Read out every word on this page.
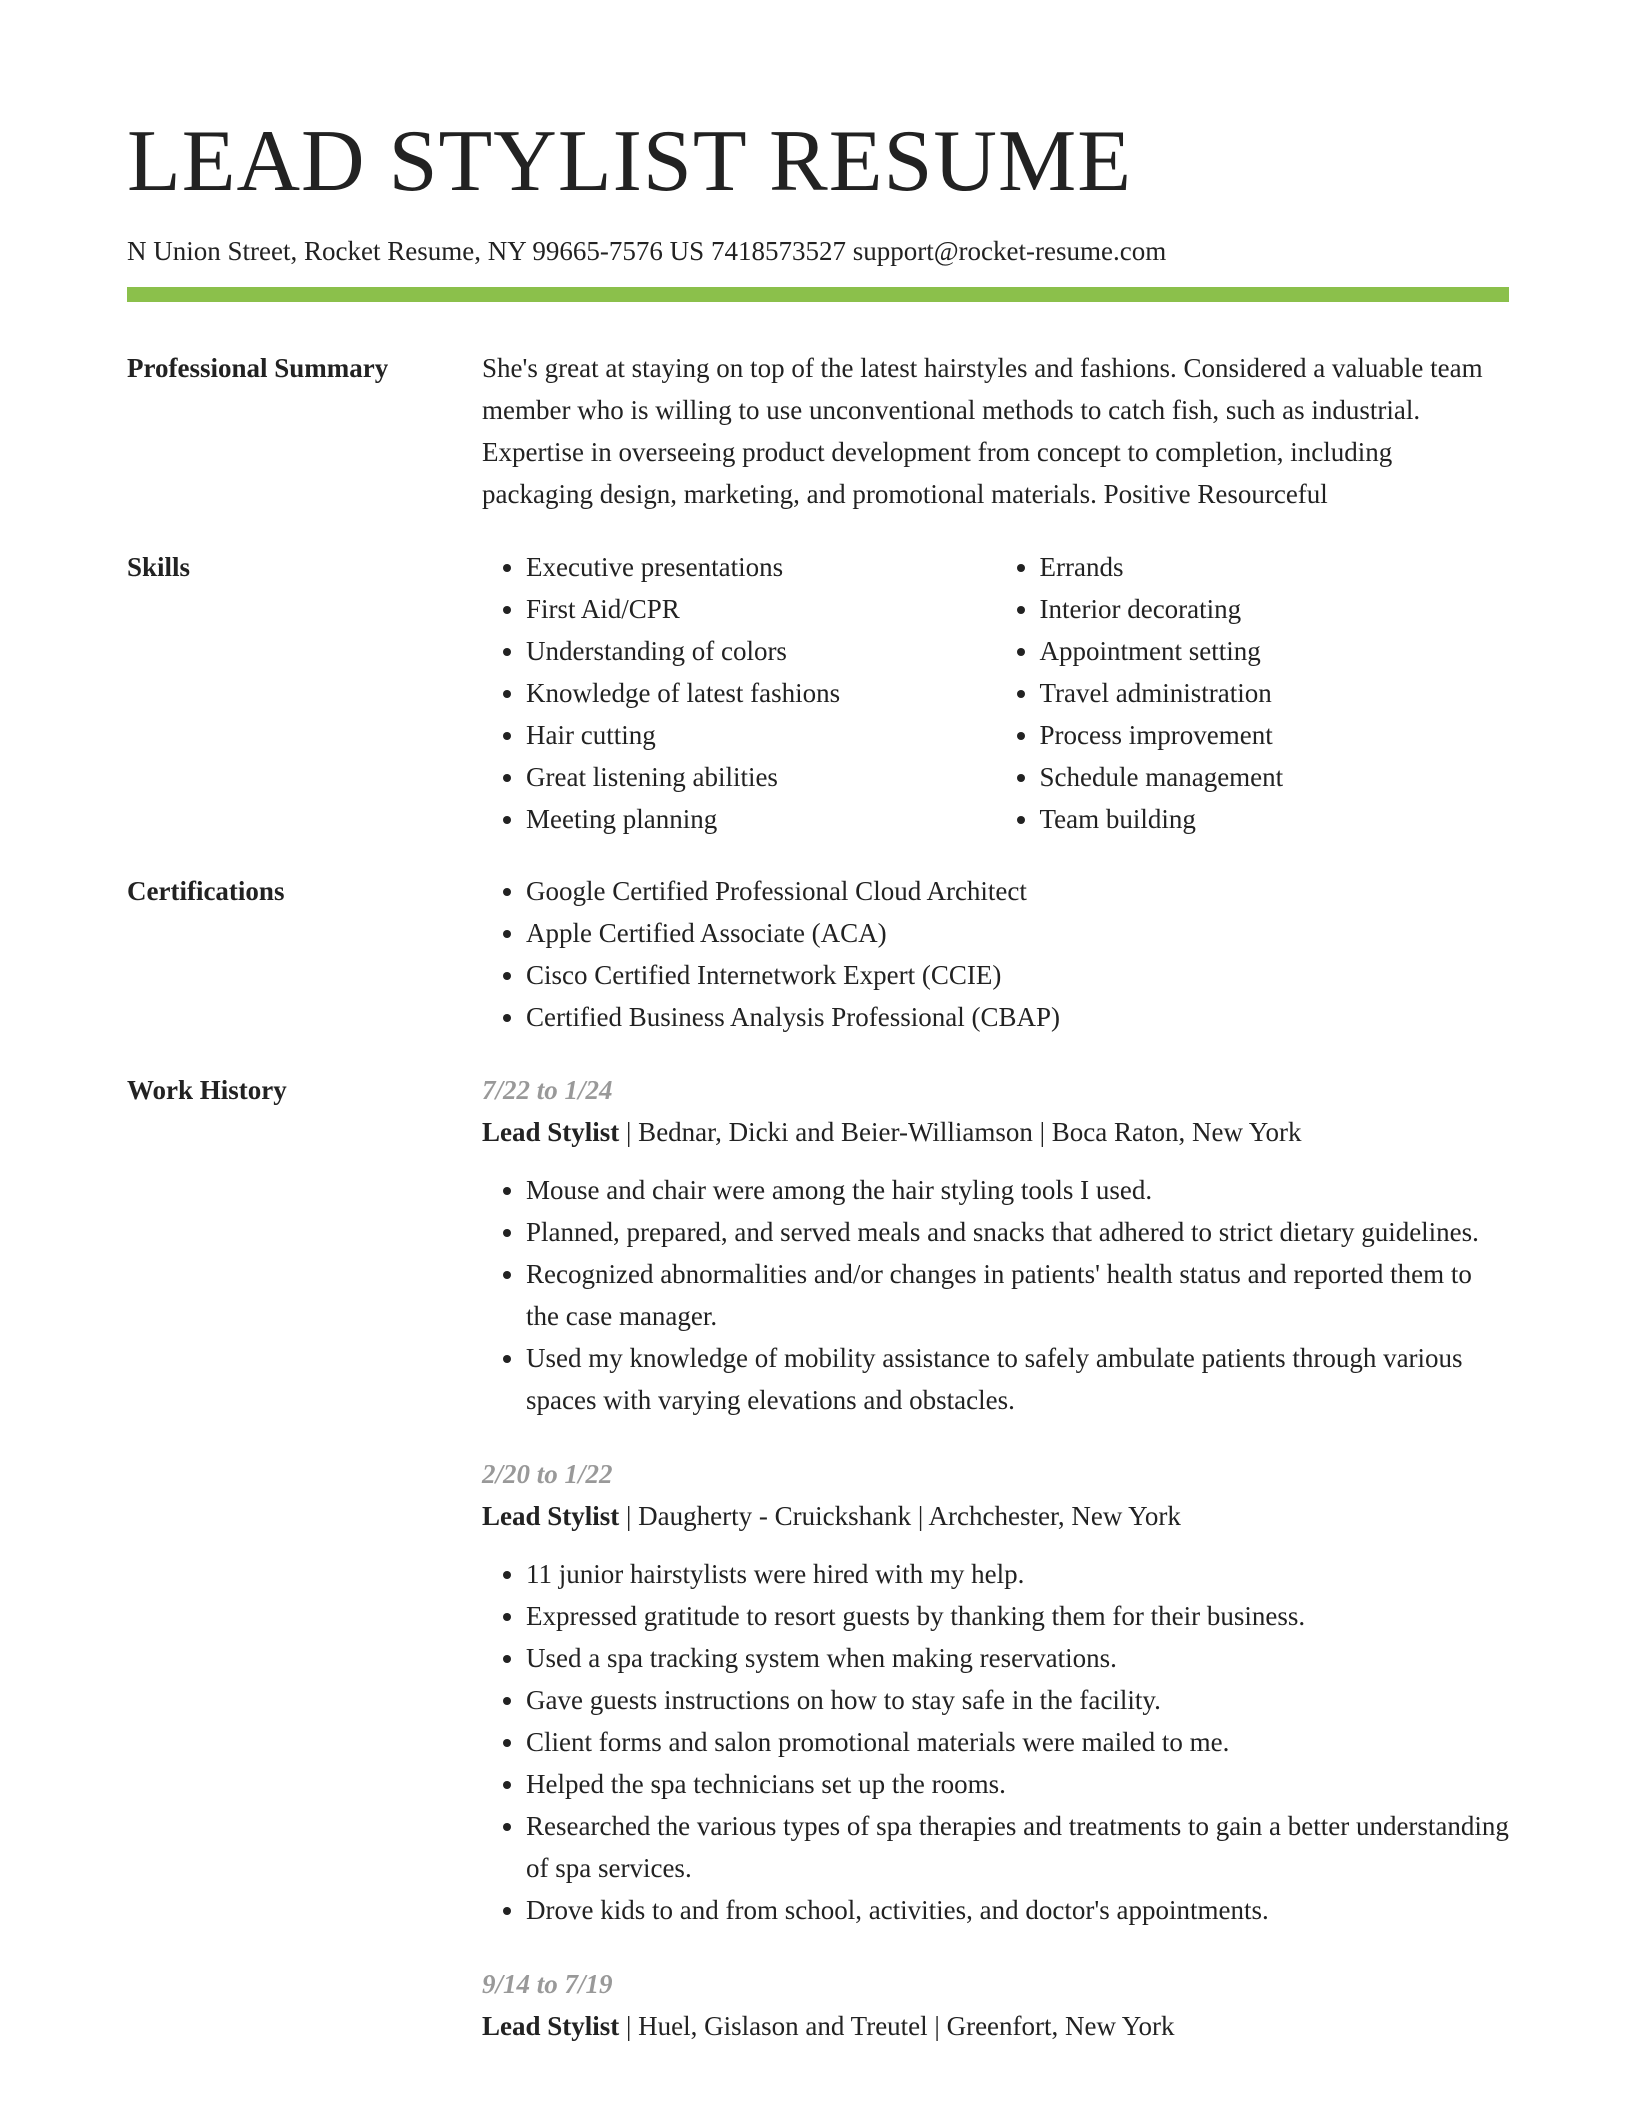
LEAD STYLIST RESUME
N Union Street, Rocket Resume, NY 99665-7576 US 7418573527 support@rocket-resume.com
Professional Summary	She's great at staying on top of the latest hairstyles and fashions. Considered a valuable team member who is willing to use unconventional methods to catch fish, such as industrial. Expertise in overseeing product development from concept to completion, including packaging design, marketing, and promotional materials. Positive Resourceful

Skills	• Executive presentations
• First Aid/CPR
• Understanding of colors
• Knowledge of latest fashions
• Hair cutting
• Great listening abilities
• Meeting planning
• Errands
• Interior decorating
• Appointment setting
• Travel administration
• Process improvement
• Schedule management
• Team building
Certifications	• Google Certified Professional Cloud Architect
• Apple Certified Associate (ACA)
• Cisco Certified Internetwork Expert (CCIE)
• Certified Business Analysis Professional (CBAP)
Work History	7/22 to 1/24
Lead Stylist | Bednar, Dicki and Beier-Williamson | Boca Raton, New York
• Mouse and chair were among the hair styling tools I used.
• Planned, prepared, and served meals and snacks that adhered to strict dietary guidelines.
• Recognized abnormalities and/or changes in patients' health status and reported them to the case manager.
• Used my knowledge of mobility assistance to safely ambulate patients through various spaces with varying elevations and obstacles.
2/20 to 1/22
Lead Stylist | Daugherty - Cruickshank | Archchester, New York
• 11 junior hairstylists were hired with my help.
• Expressed gratitude to resort guests by thanking them for their business.
• Used a spa tracking system when making reservations.
• Gave guests instructions on how to stay safe in the facility.
• Client forms and salon promotional materials were mailed to me.
• Helped the spa technicians set up the rooms.
• Researched the various types of spa therapies and treatments to gain a better understanding of spa services.
• Drove kids to and from school, activities, and doctor's appointments.
9/14 to 7/19
Lead Stylist | Huel, Gislason and Treutel | Greenfort, New York
